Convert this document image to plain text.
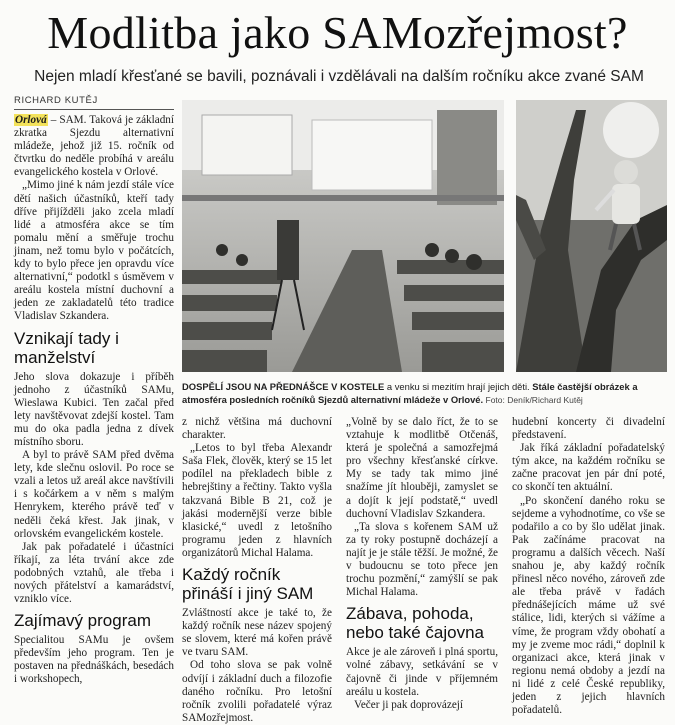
Modlitba jako SAMozřejmost?
Nejen mladí křesťané se bavili, poznávali i vzdělávali na dalším ročníku akce zvané SAM
RICHARD KUTĚJ

Orlová – SAM. Taková je základní zkratka Sjezdu alternativní mládeže, jehož již 15. ročník od čtvrtku do neděle probíhá v areálu evangelického kostela v Orlové.

„Mimo jiné k nám jezdí stále více dětí našich účastníků, kteří tady dříve přijížděli jako zcela mladí lidé a atmosféra akce se tím pomalu mění a směřuje trochu jinam, než tomu bylo v počátcích, kdy to bylo přece jen opravdu více alternativní,“ podotkl s úsměvem v areálu kostela místní duchovní a jeden ze zakladatelů této tradice Vladislav Szkandera.

Vznikají tady i manželství

Jeho slova dokazuje i příběh jednoho z účastníků SAMu, Wieslawa Kubici. Ten začal před lety navštěvovat zdejší kostel. Tam mu do oka padla jedna z dívek místního sboru.

A byl to právě SAM před dvěma lety, kde slečnu oslovil. Po roce se vzali a letos už areál akce navštívili i s kočárkem a v něm s malým Henrykem, kterého právě teď v neděli čeká křest. Jak jinak, v orlovském evangelickém kostele.

Jak pak pořadatelé i účastníci říkají, za léta trvání akce zde podobných vztahů, ale třeba i nových přátelství a kamarádství, vzniklo více.

Zajímavý program

Specialitou SAMu je ovšem především jeho program. Ten je postaven na přednáškách, besedách i workshopech,

DOSPĚLÍ JSOU NA PŘEDNÁŠCE V KOSTELE a venku si mezitím hrají jejich děti. Stále častější obrázek a atmosféra posledních ročníků Sjezdů alternativní mládeže v Orlové. Foto: Deník/Richard Kutěj

z nichž většina má duchovní charakter.

„Letos to byl třeba Alexandr Saša Flek, člověk, který se 15 let podílel na překladech bible z hebrejštiny a řečtiny. Takto vyšla takzvaná Bible B 21, což je jakási modernější verze bible klasické,“ uvedl z letošního programu jeden z hlavních organizátorů Michal Halama.

Každý ročník přináší i jiný SAM

Zvláštností akce je také to, že každý ročník nese název spojený se slovem, které má kořen právě ve tvaru SAM.

Od toho slova se pak volně odvíjí i základní duch a filozofie daného ročníku. Pro letošní ročník zvolili pořadatelé výraz SAMozřejmost.

„Volně by se dalo říct, že to se vztahuje k modlitbě Otčenáš, která je společná a samozřejmá pro všechny křesťanské církve. My se tady tak mimo jiné snažíme jít hlouběji, zamyslet se a dojít k její podstatě,“ uvedl duchovní Vladislav Szkandera.

„Ta slova s kořenem SAM už za ty roky postupně docházejí a najít je je stále těžší. Je možné, že v budoucnu se toto přece jen trochu pozmění,“ zamýšlí se pak Michal Halama.

Zábava, pohoda, nebo také čajovna

Akce je ale zároveň i plná sportu, volné zábavy, setkávání se v čajovně či jinde v příjemném areálu u kostela.

Večer ji pak doprovázejí

hudební koncerty či divadelní představení.

Jak říká základní pořadatelský tým akce, na každém ročníku se začne pracovat jen pár dní poté, co skončí ten aktuální.

„Po skončení daného roku se sejdeme a vyhodnotíme, co vše se podařilo a co by šlo udělat jinak. Pak začínáme pracovat na programu a dalších věcech. Naší snahou je, aby každý ročník přinesl něco nového, zároveň zde ale třeba právě v řadách přednášejících máme už své stálice, lidi, kterých si vážíme a víme, že program vždy obohatí a my je zveme moc rádi,“ doplnil k organizaci akce, která jinak v regionu nemá obdoby a jezdí na ni lidé z celé České republiky, jeden z jejich hlavních pořadatelů.
